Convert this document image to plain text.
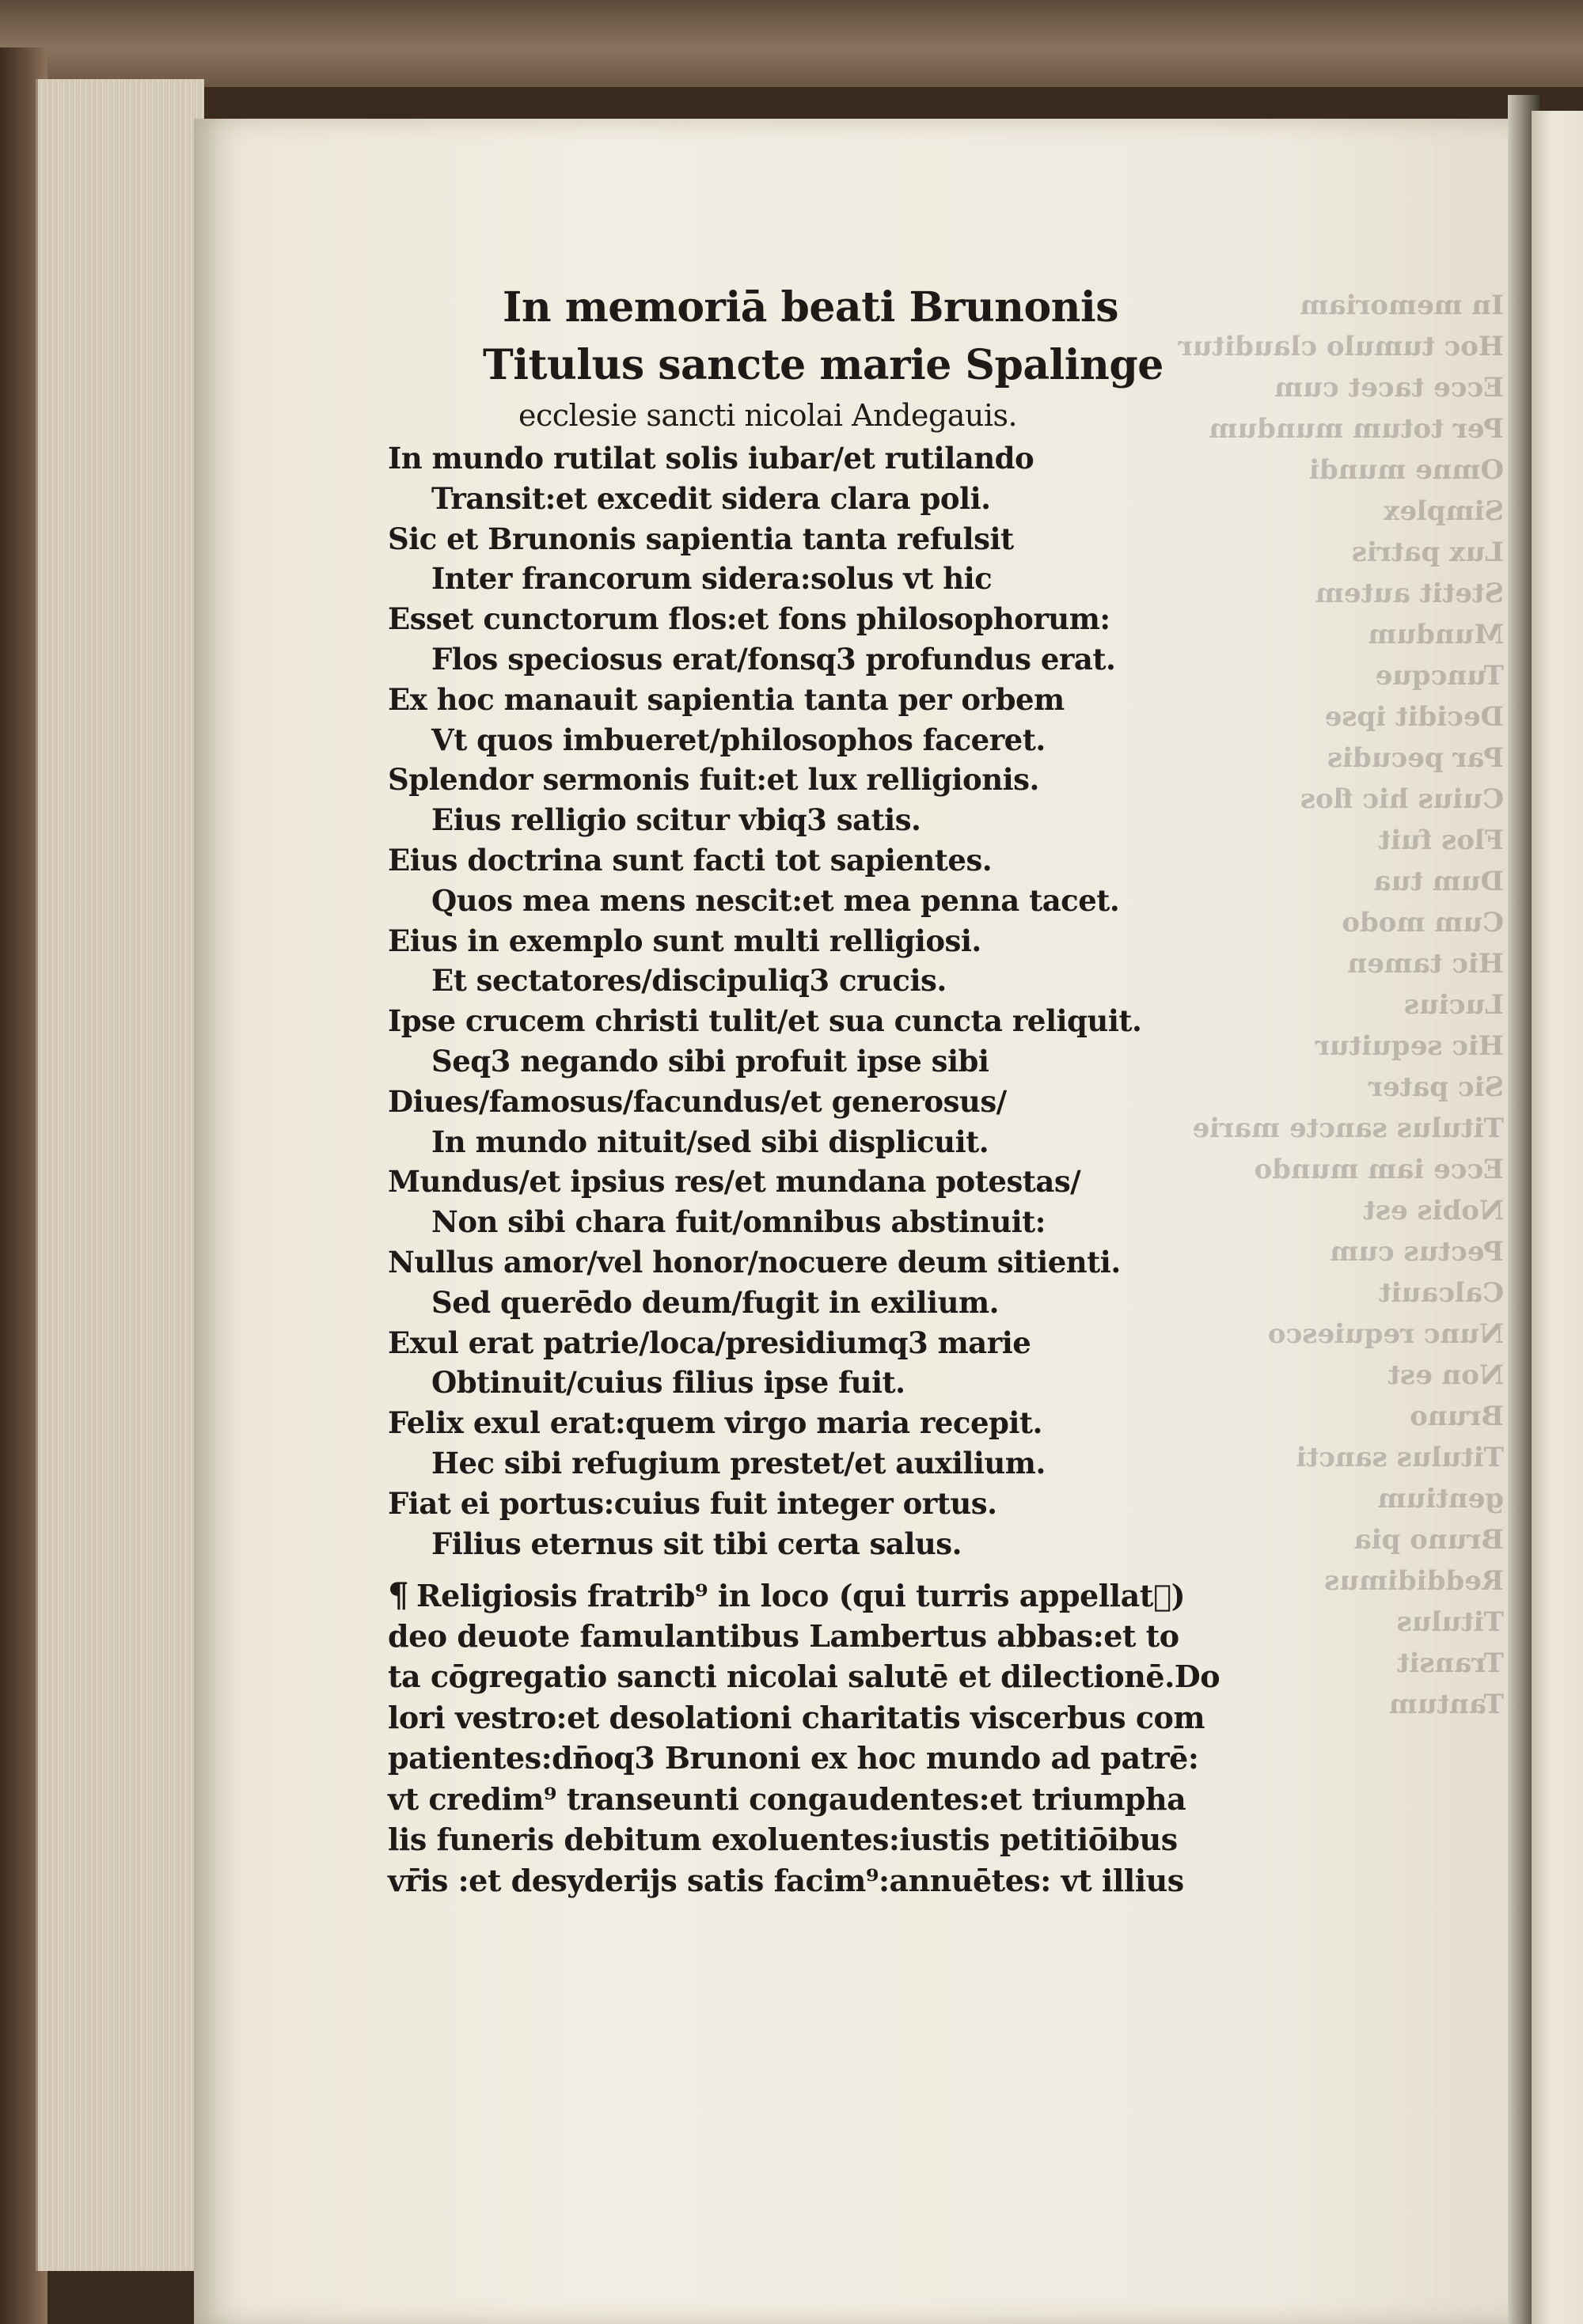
In memoriam
Hoc tumulo clauditur
Ecce tacet cum
Per totum mundum
Omne mundi
Simplex
Lux patris
Stetit autem
Mundum
Tuncque
Decidit ipse
Par pecudis
Cuius hic flos
Flos fuit
Dum tua
Cum modo
Hic tamen
Lucius
Hic sequitur
Sic pater
Titulus sancte marie
Ecce iam mundo
Nobis est
Pectus cum
Calcauit
Nunc requiesco
Non est
Bruno
Titulus sancti
gentium
Bruno pia
Reddidimus
Titulus
Transit
Tantum
In memoriā beati Brunonis
Titulus sancte marie Spalinge
ecclesie sancti nicolai Andegauis.
In mundo rutilat solis iubar/et rutilando
Transit:et excedit sidera clara poli.
Sic et Brunonis sapientia tanta refulsit
Inter francorum sidera:solus vt hic
Esset cunctorum flos:et fons philosophorum:
Flos speciosus erat/fonsq3 profundus erat.
Ex hoc manauit sapientia tanta per orbem
Vt quos imbueret/philosophos faceret.
Splendor sermonis fuit:et lux relligionis.
Eius relligio scitur vbiq3 satis.
Eius doctrina sunt facti tot sapientes.
Quos mea mens nescit:et mea penna tacet.
Eius in exemplo sunt multi relligiosi.
Et sectatores/discipuliq3 crucis.
Ipse crucem christi tulit/et sua cuncta reliquit.
Seq3 negando sibi profuit ipse sibi
Diues/famosus/facundus/et generosus/
In mundo nituit/sed sibi displicuit.
Mundus/et ipsius res/et mundana potestas/
Non sibi chara fuit/omnibus abstinuit:
Nullus amor/vel honor/nocuere deum sitienti.
Sed querēdo deum/fugit in exilium.
Exul erat patrie/loca/presidiumq3 marie
Obtinuit/cuius filius ipse fuit.
Felix exul erat:quem virgo maria recepit.
Hec sibi refugium prestet/et auxilium.
Fiat ei portus:cuius fuit integer ortus.
Filius eternus sit tibi certa salus.
¶ Religiosis fratrib⁹ in loco (qui turris appellat᷑)
deo deuote famulantibus Lambertus abbas:et to
ta cōgregatio sancti nicolai salutē et dilectionē.Do
lori vestro:et desolationi charitatis viscerbus com
patientes:dn̄oq3 Brunoni ex hoc mundo ad patrē:
vt credim⁹ transeunti congaudentes:et triumpha
lis funeris debitum exoluentes:iustis petitiōibus
vr̄is :et desyderijs satis facim⁹:annuētes: vt illius
